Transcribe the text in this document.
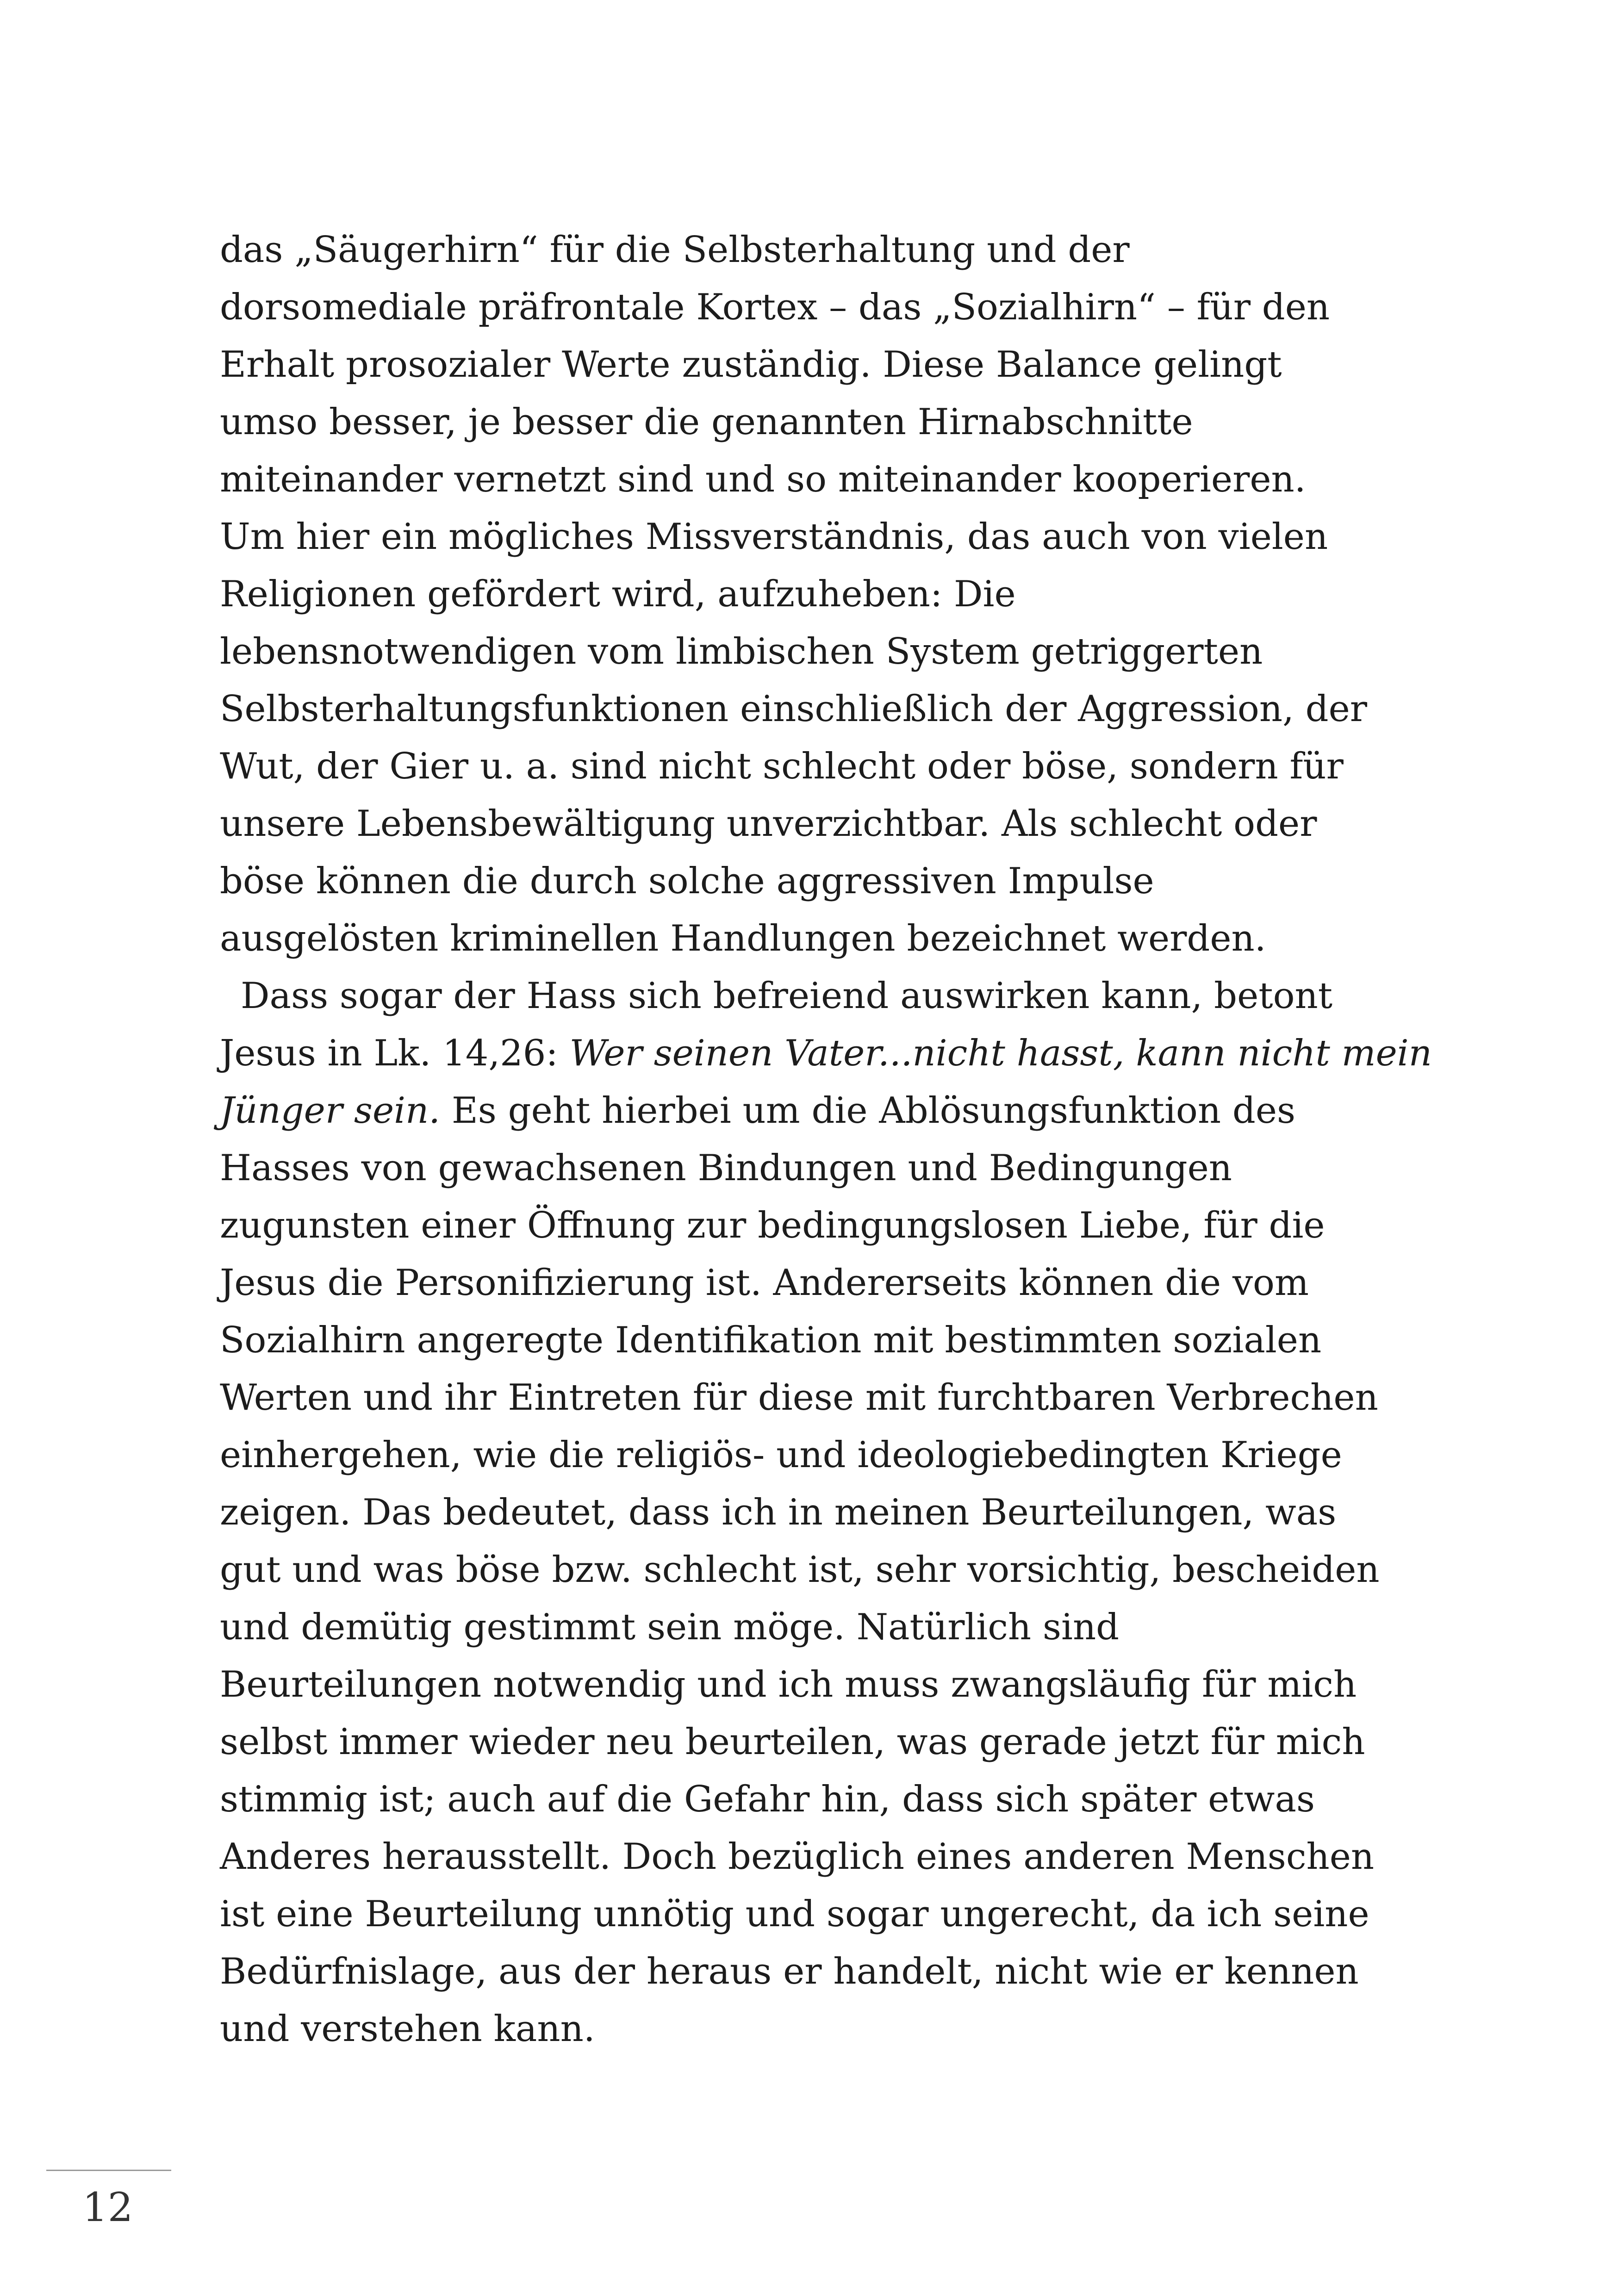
das „Säugerhirn“ für die Selbsterhaltung und der
dorsomediale präfrontale Kortex – das „Sozialhirn“ – für den
Erhalt prosozialer Werte zuständig. Diese Balance gelingt
umso besser, je besser die genannten Hirnabschnitte
miteinander vernetzt sind und so miteinander kooperieren.
Um hier ein mögliches Missverständnis, das auch von vielen
Religionen gefördert wird, aufzuheben: Die
lebensnotwendigen vom limbischen System getriggerten
Selbsterhaltungsfunktionen einschließlich der Aggression, der
Wut, der Gier u. a. sind nicht schlecht oder böse, sondern für
unsere Lebensbewältigung unverzichtbar. Als schlecht oder
böse können die durch solche aggressiven Impulse
ausgelösten kriminellen Handlungen bezeichnet werden.
Dass sogar der Hass sich befreiend auswirken kann, betont
Jesus in Lk. 14,26: Wer seinen Vater...nicht hasst, kann nicht mein
Jünger sein. Es geht hierbei um die Ablösungsfunktion des
Hasses von gewachsenen Bindungen und Bedingungen
zugunsten einer Öffnung zur bedingungslosen Liebe, für die
Jesus die Personifizierung ist. Andererseits können die vom
Sozialhirn angeregte Identifikation mit bestimmten sozialen
Werten und ihr Eintreten für diese mit furchtbaren Verbrechen
einhergehen, wie die religiös- und ideologiebedingten Kriege
zeigen. Das bedeutet, dass ich in meinen Beurteilungen, was
gut und was böse bzw. schlecht ist, sehr vorsichtig, bescheiden
und demütig gestimmt sein möge. Natürlich sind
Beurteilungen notwendig und ich muss zwangsläufig für mich
selbst immer wieder neu beurteilen, was gerade jetzt für mich
stimmig ist; auch auf die Gefahr hin, dass sich später etwas
Anderes herausstellt. Doch bezüglich eines anderen Menschen
ist eine Beurteilung unnötig und sogar ungerecht, da ich seine
Bedürfnislage, aus der heraus er handelt, nicht wie er kennen
und verstehen kann.
12
